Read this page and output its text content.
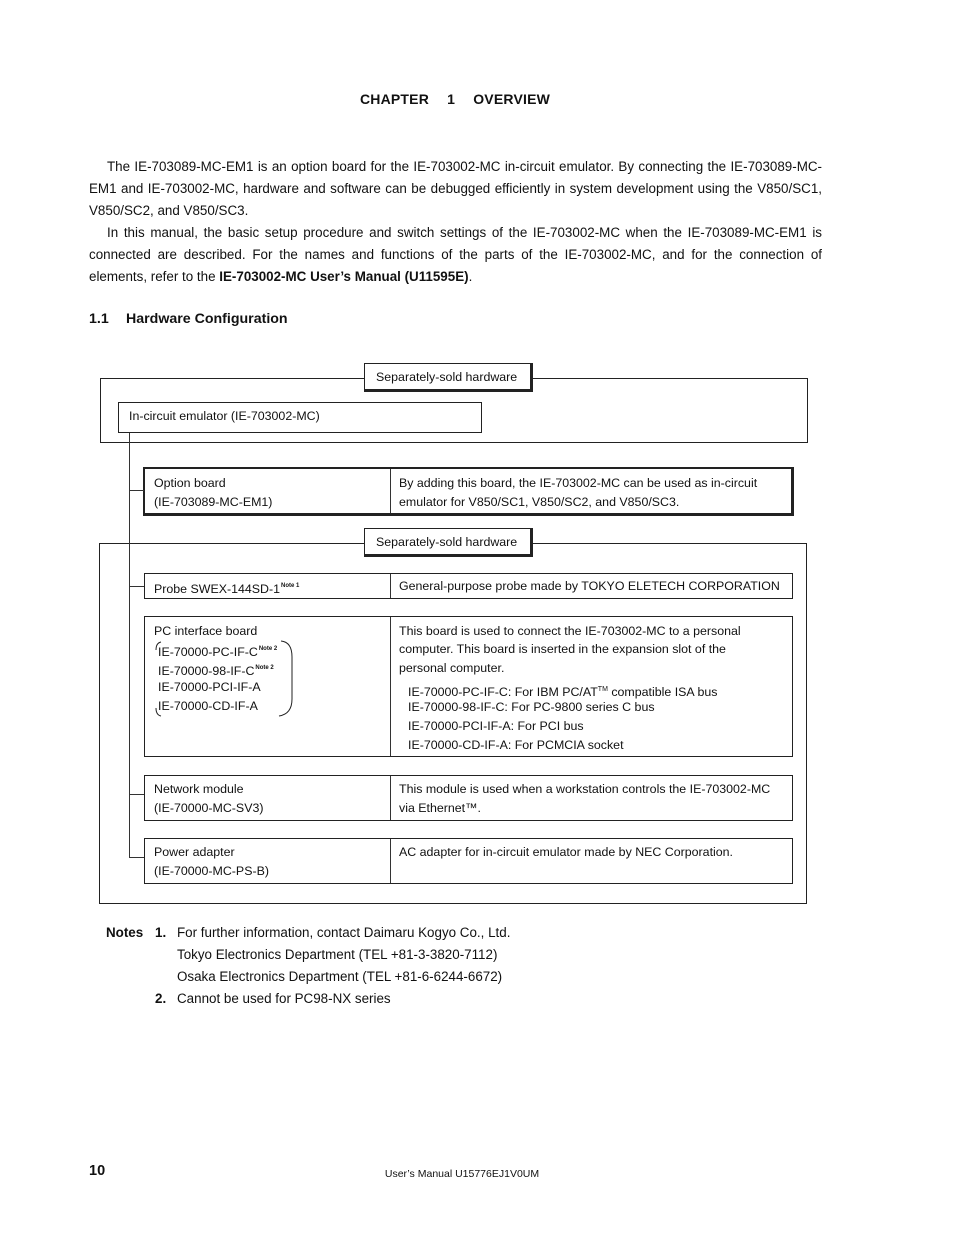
CHAPTER 1 OVERVIEW

The IE-703089-MC-EM1 is an option board for the IE-703002-MC in-circuit emulator. By connecting the IE-703089-MC-EM1 and IE-703002-MC, hardware and software can be debugged efficiently in system development using the V850/SC1, V850/SC2, and V850/SC3.

In this manual, the basic setup procedure and switch settings of the IE-703002-MC when the IE-703089-MC-EM1 is connected are described. For the names and functions of the parts of the IE-703002-MC, and for the connection of elements, refer to the IE-703002-MC User’s Manual (U11595E).

1.1 Hardware Configuration
Separately-sold hardware
In-circuit emulator (IE-703002-MC)
Option board
(IE-703089-MC-EM1)
By adding this board, the IE-703002-MC can be used as in-circuit
emulator for V850/SC1, V850/SC2, and V850/SC3.
Separately-sold hardware
Probe SWEX-$144SD-1^{Note 1}$	General-purpose probe made by TOKYO ELETECH CORPORATION
PC interface board
$IE-70000-PC-IF-C^{Note 2}$
$IE-70000-98-IF-C^{Note 2}$
IE-70000-PCI-IF-A
IE-70000-CD-IF-A
This board is used to connect the IE-703002-MC to a personal
computer. This board is inserted in the expansion slot of the
personal computer.
IE-70000-PC-IF-C: For IBM PC/AT™ compatible ISA bus
IE-70000-98-IF-C: For PC-9800 series C bus
IE-70000-PCI-IF-A: For PCI bus
IE-70000-CD-IF-A: For PCMCIA socket
Network module
(IE-70000-MC-SV3)
This module is used when a workstation controls the IE-703002-MC
via Ethernet™.
Power adapter
(IE-70000-MC-PS-B)
AC adapter for in-circuit emulator made by NEC Corporation.
Notes 1. For further information, contact Daimaru Kogyo Co., Ltd.
Tokyo Electronics Department (TEL +81-3-3820-7112)
Osaka Electronics Department (TEL +81-6-6244-6672)
2. Cannot be used for PC98-NX series
10	User’s Manual U15776EJ1V0UM
